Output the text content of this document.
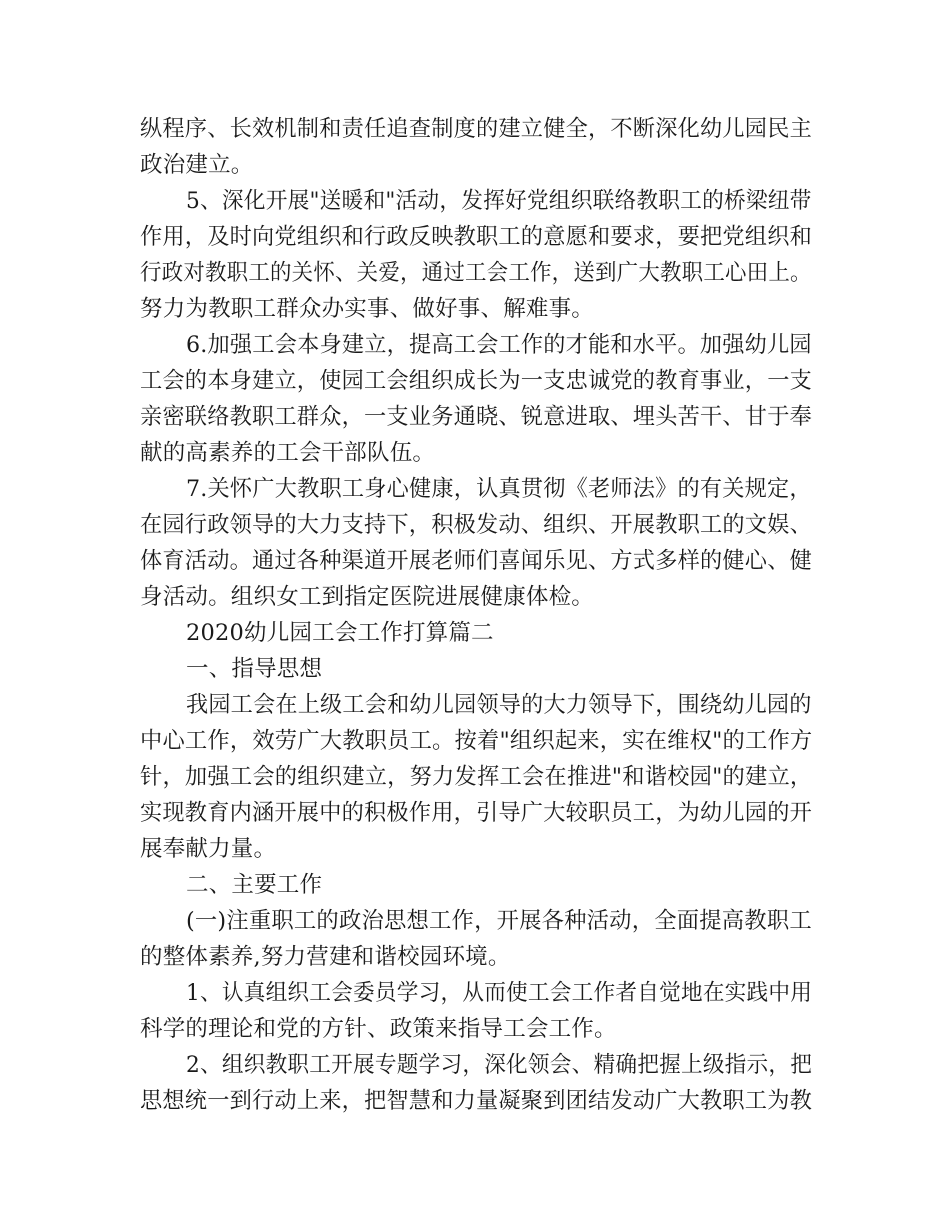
纵程序、长效机制和责任追查制度的建立健全，不断深化幼儿园民主
政治建立。
5、深化开展"送暖和"活动，发挥好党组织联络教职工的桥梁纽带
作用，及时向党组织和行政反映教职工的意愿和要求，要把党组织和
行政对教职工的关怀、关爱，通过工会工作，送到广大教职工心田上。
努力为教职工群众办实事、做好事、解难事。
6.加强工会本身建立，提高工会工作的才能和水平。加强幼儿园
工会的本身建立，使园工会组织成长为一支忠诚党的教育事业，一支
亲密联络教职工群众，一支业务通晓、锐意进取、埋头苦干、甘于奉
献的高素养的工会干部队伍。
7.关怀广大教职工身心健康，认真贯彻《老师法》的有关规定，
在园行政领导的大力支持下，积极发动、组织、开展教职工的文娱、
体育活动。通过各种渠道开展老师们喜闻乐见、方式多样的健心、健
身活动。组织女工到指定医院进展健康体检。
2020幼儿园工会工作打算篇二
一、指导思想
我园工会在上级工会和幼儿园领导的大力领导下，围绕幼儿园的
中心工作，效劳广大教职员工。按着"组织起来，实在维权"的工作方
针，加强工会的组织建立，努力发挥工会在推进"和谐校园"的建立，
实现教育内涵开展中的积极作用，引导广大较职员工，为幼儿园的开
展奉献力量。
二、主要工作
(一)注重职工的政治思想工作，开展各种活动，全面提高教职工
的整体素养,努力营建和谐校园环境。
1、认真组织工会委员学习，从而使工会工作者自觉地在实践中用
科学的理论和党的方针、政策来指导工会工作。
2、组织教职工开展专题学习，深化领会、精确把握上级指示，把
思想统一到行动上来，把智慧和力量凝聚到团结发动广大教职工为教
